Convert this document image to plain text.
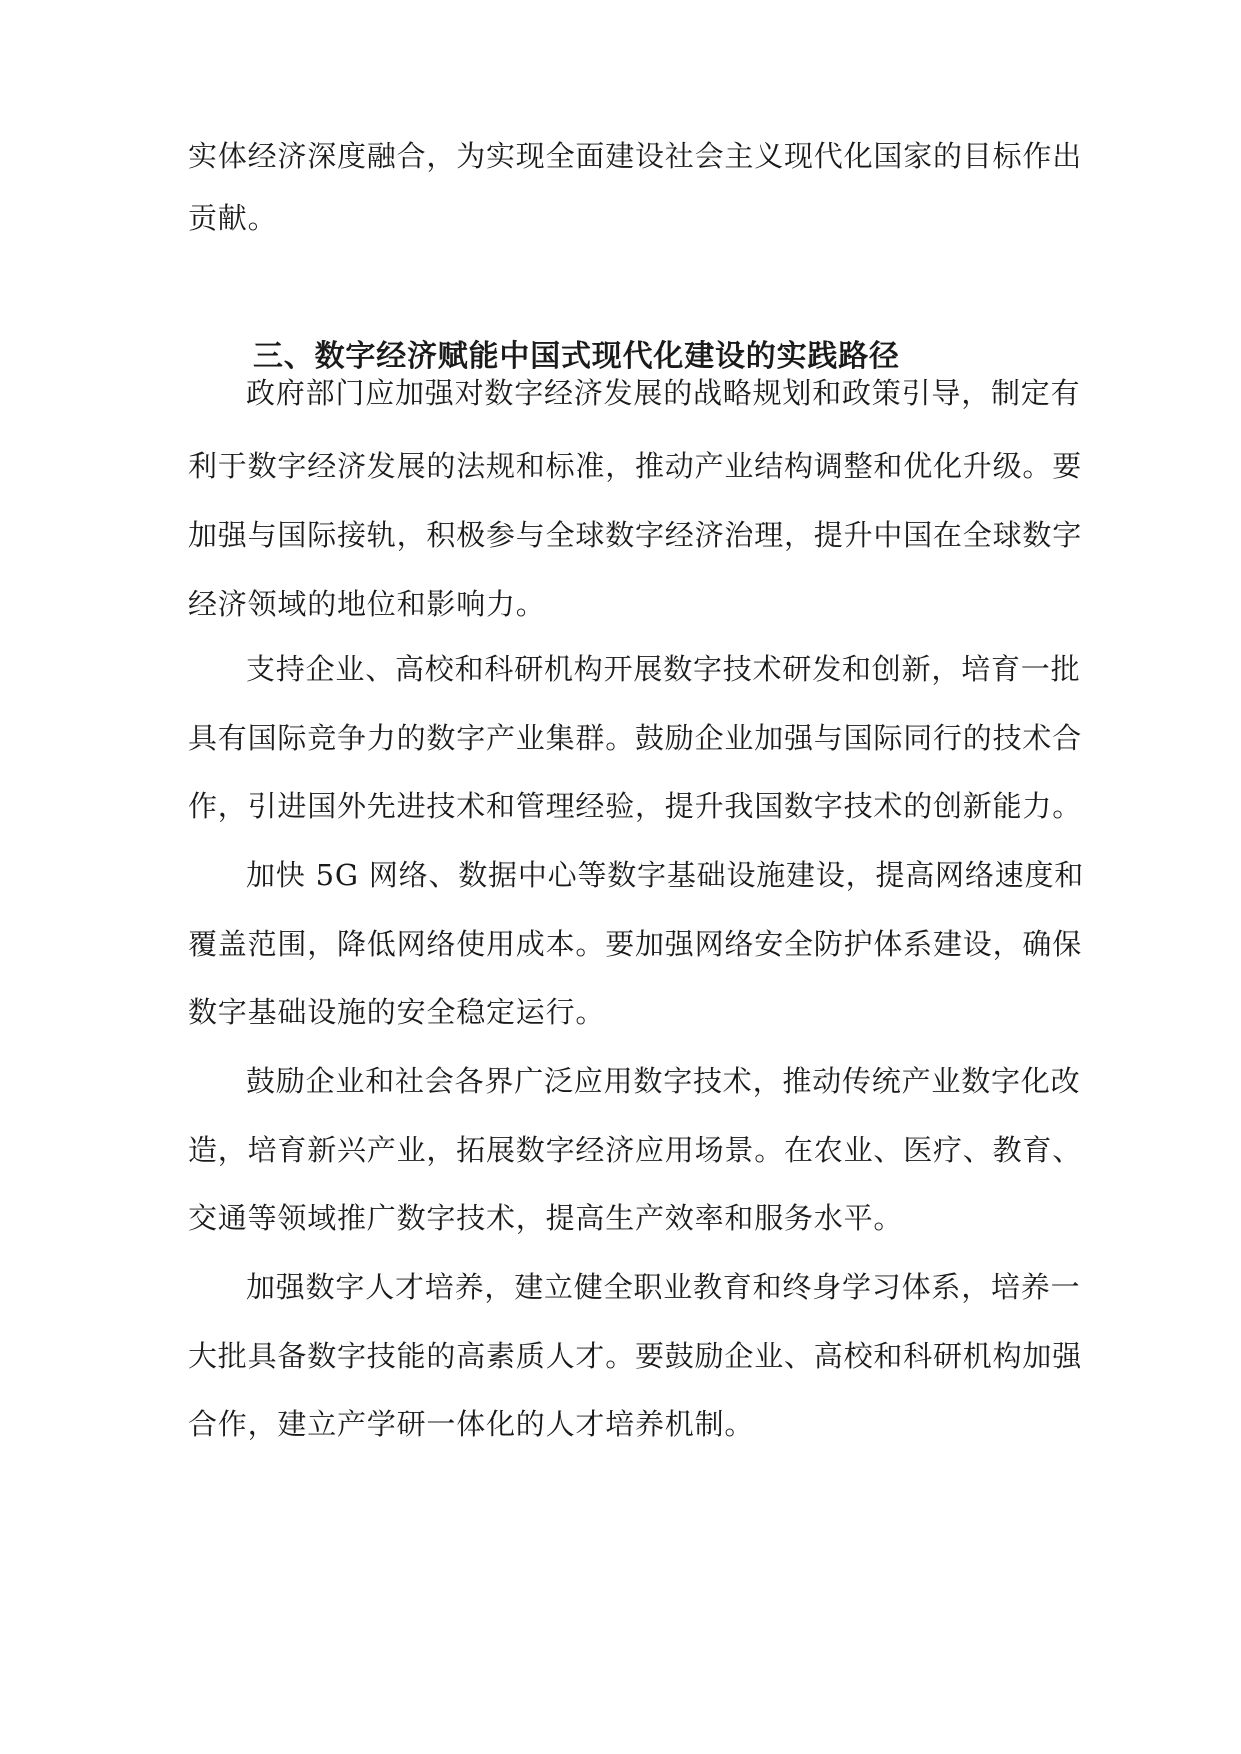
实体经济深度融合，为实现全面建设社会主义现代化国家的目标作出
贡献。
三、数字经济赋能中国式现代化建设的实践路径
政府部门应加强对数字经济发展的战略规划和政策引导，制定有
利于数字经济发展的法规和标准，推动产业结构调整和优化升级。要
加强与国际接轨，积极参与全球数字经济治理，提升中国在全球数字
经济领域的地位和影响力。
支持企业、高校和科研机构开展数字技术研发和创新，培育一批
具有国际竞争力的数字产业集群。鼓励企业加强与国际同行的技术合
作，引进国外先进技术和管理经验，提升我国数字技术的创新能力。
加快 5G 网络、数据中心等数字基础设施建设，提高网络速度和
覆盖范围，降低网络使用成本。要加强网络安全防护体系建设，确保
数字基础设施的安全稳定运行。
鼓励企业和社会各界广泛应用数字技术，推动传统产业数字化改
造，培育新兴产业，拓展数字经济应用场景。在农业、医疗、教育、
交通等领域推广数字技术，提高生产效率和服务水平。
加强数字人才培养，建立健全职业教育和终身学习体系，培养一
大批具备数字技能的高素质人才。要鼓励企业、高校和科研机构加强
合作，建立产学研一体化的人才培养机制。
